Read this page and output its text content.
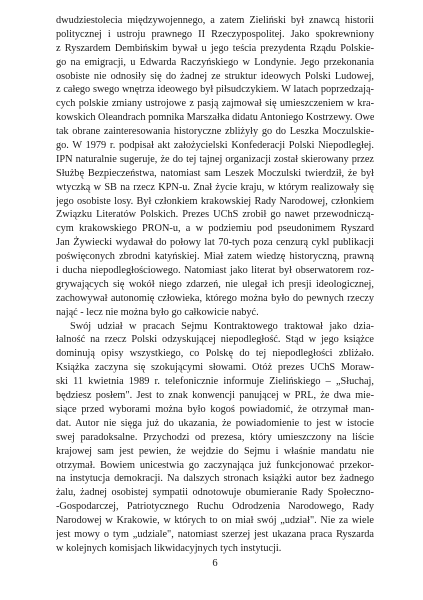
dwudziestolecia międzywojennego, a zatem Zieliński był znawcą historii
politycznej i ustroju prawnego II Rzeczypospolitej. Jako spokrewniony
z Ryszardem Dembińskim bywał u jego teścia prezydenta Rządu Polskie-
go na emigracji, u Edwarda Raczyńskiego w Londynie. Jego przekonania
osobiste nie odnosiły się do żadnej ze struktur ideowych Polski Ludowej,
z całego swego wnętrza ideowego był piłsudczykiem. W latach poprzedzają-
cych polskie zmiany ustrojowe z pasją zajmował się umieszczeniem w kra-
kowskich Oleandrach pomnika Marszałka didatu Antoniego Kostrzewy. Owe
tak obrane zainteresowania historyczne zbliżyły go do Leszka Moczulskie-
go. W 1979 r. podpisał akt założycielski Konfederacji Polski Niepodległej.
IPN naturalnie sugeruje, że do tej tajnej organizacji został skierowany przez
Służbę Bezpieczeństwa, natomiast sam Leszek Moczulski twierdził, że był
wtyczką w SB na rzecz KPN-u. Znał życie kraju, w którym realizowały się
jego osobiste losy. Był członkiem krakowskiej Rady Narodowej, członkiem
Związku Literatów Polskich. Prezes UChS zrobił go nawet przewodniczą-
cym krakowskiego PRON-u, a w podziemiu pod pseudonimem Ryszard
Jan Żywiecki wydawał do połowy lat 70-tych poza cenzurą cykl publikacji
poświęconych zbrodni katyńskiej. Miał zatem wiedzę historyczną, prawną
i ducha niepodległościowego. Natomiast jako literat był obserwatorem roz-
grywających się wokół niego zdarzeń, nie ulegał ich presji ideologicznej,
zachowywał autonomię człowieka, którego można było do pewnych rzeczy
nająć - lecz nie można było go całkowicie nabyć.
Swój udział w pracach Sejmu Kontraktowego traktował jako dzia-
łalność na rzecz Polski odzyskującej niepodległość. Stąd w jego książce
dominują opisy wszystkiego, co Polskę do tej niepodległości zbliżało.
Książka zaczyna się szokującymi słowami. Otóż prezes UChS Moraw-
ski 11 kwietnia 1989 r. telefonicznie informuje Zielińskiego – „Słuchaj,
będziesz posłem". Jest to znak konwencji panującej w PRL, że dwa mie-
siące przed wyborami można było kogoś powiadomić, że otrzymał man-
dat. Autor nie sięga już do ukazania, że powiadomienie to jest w istocie
swej paradoksalne. Przychodzi od prezesa, który umieszczony na liście
krajowej sam jest pewien, że wejdzie do Sejmu i właśnie mandatu nie
otrzymał. Bowiem unicestwia go zaczynająca już funkcjonować przekor-
na instytucja demokracji. Na dalszych stronach książki autor bez żadnego
żalu, żadnej osobistej sympatii odnotowuje obumieranie Rady Społeczno-
-Gospodarczej, Patriotycznego Ruchu Odrodzenia Narodowego, Rady
Narodowej w Krakowie, w których to on miał swój „udział". Nie za wiele
jest mowy o tym „udziale", natomiast szerzej jest ukazana praca Ryszarda
w kolejnych komisjach likwidacyjnych tych instytucji.
6
